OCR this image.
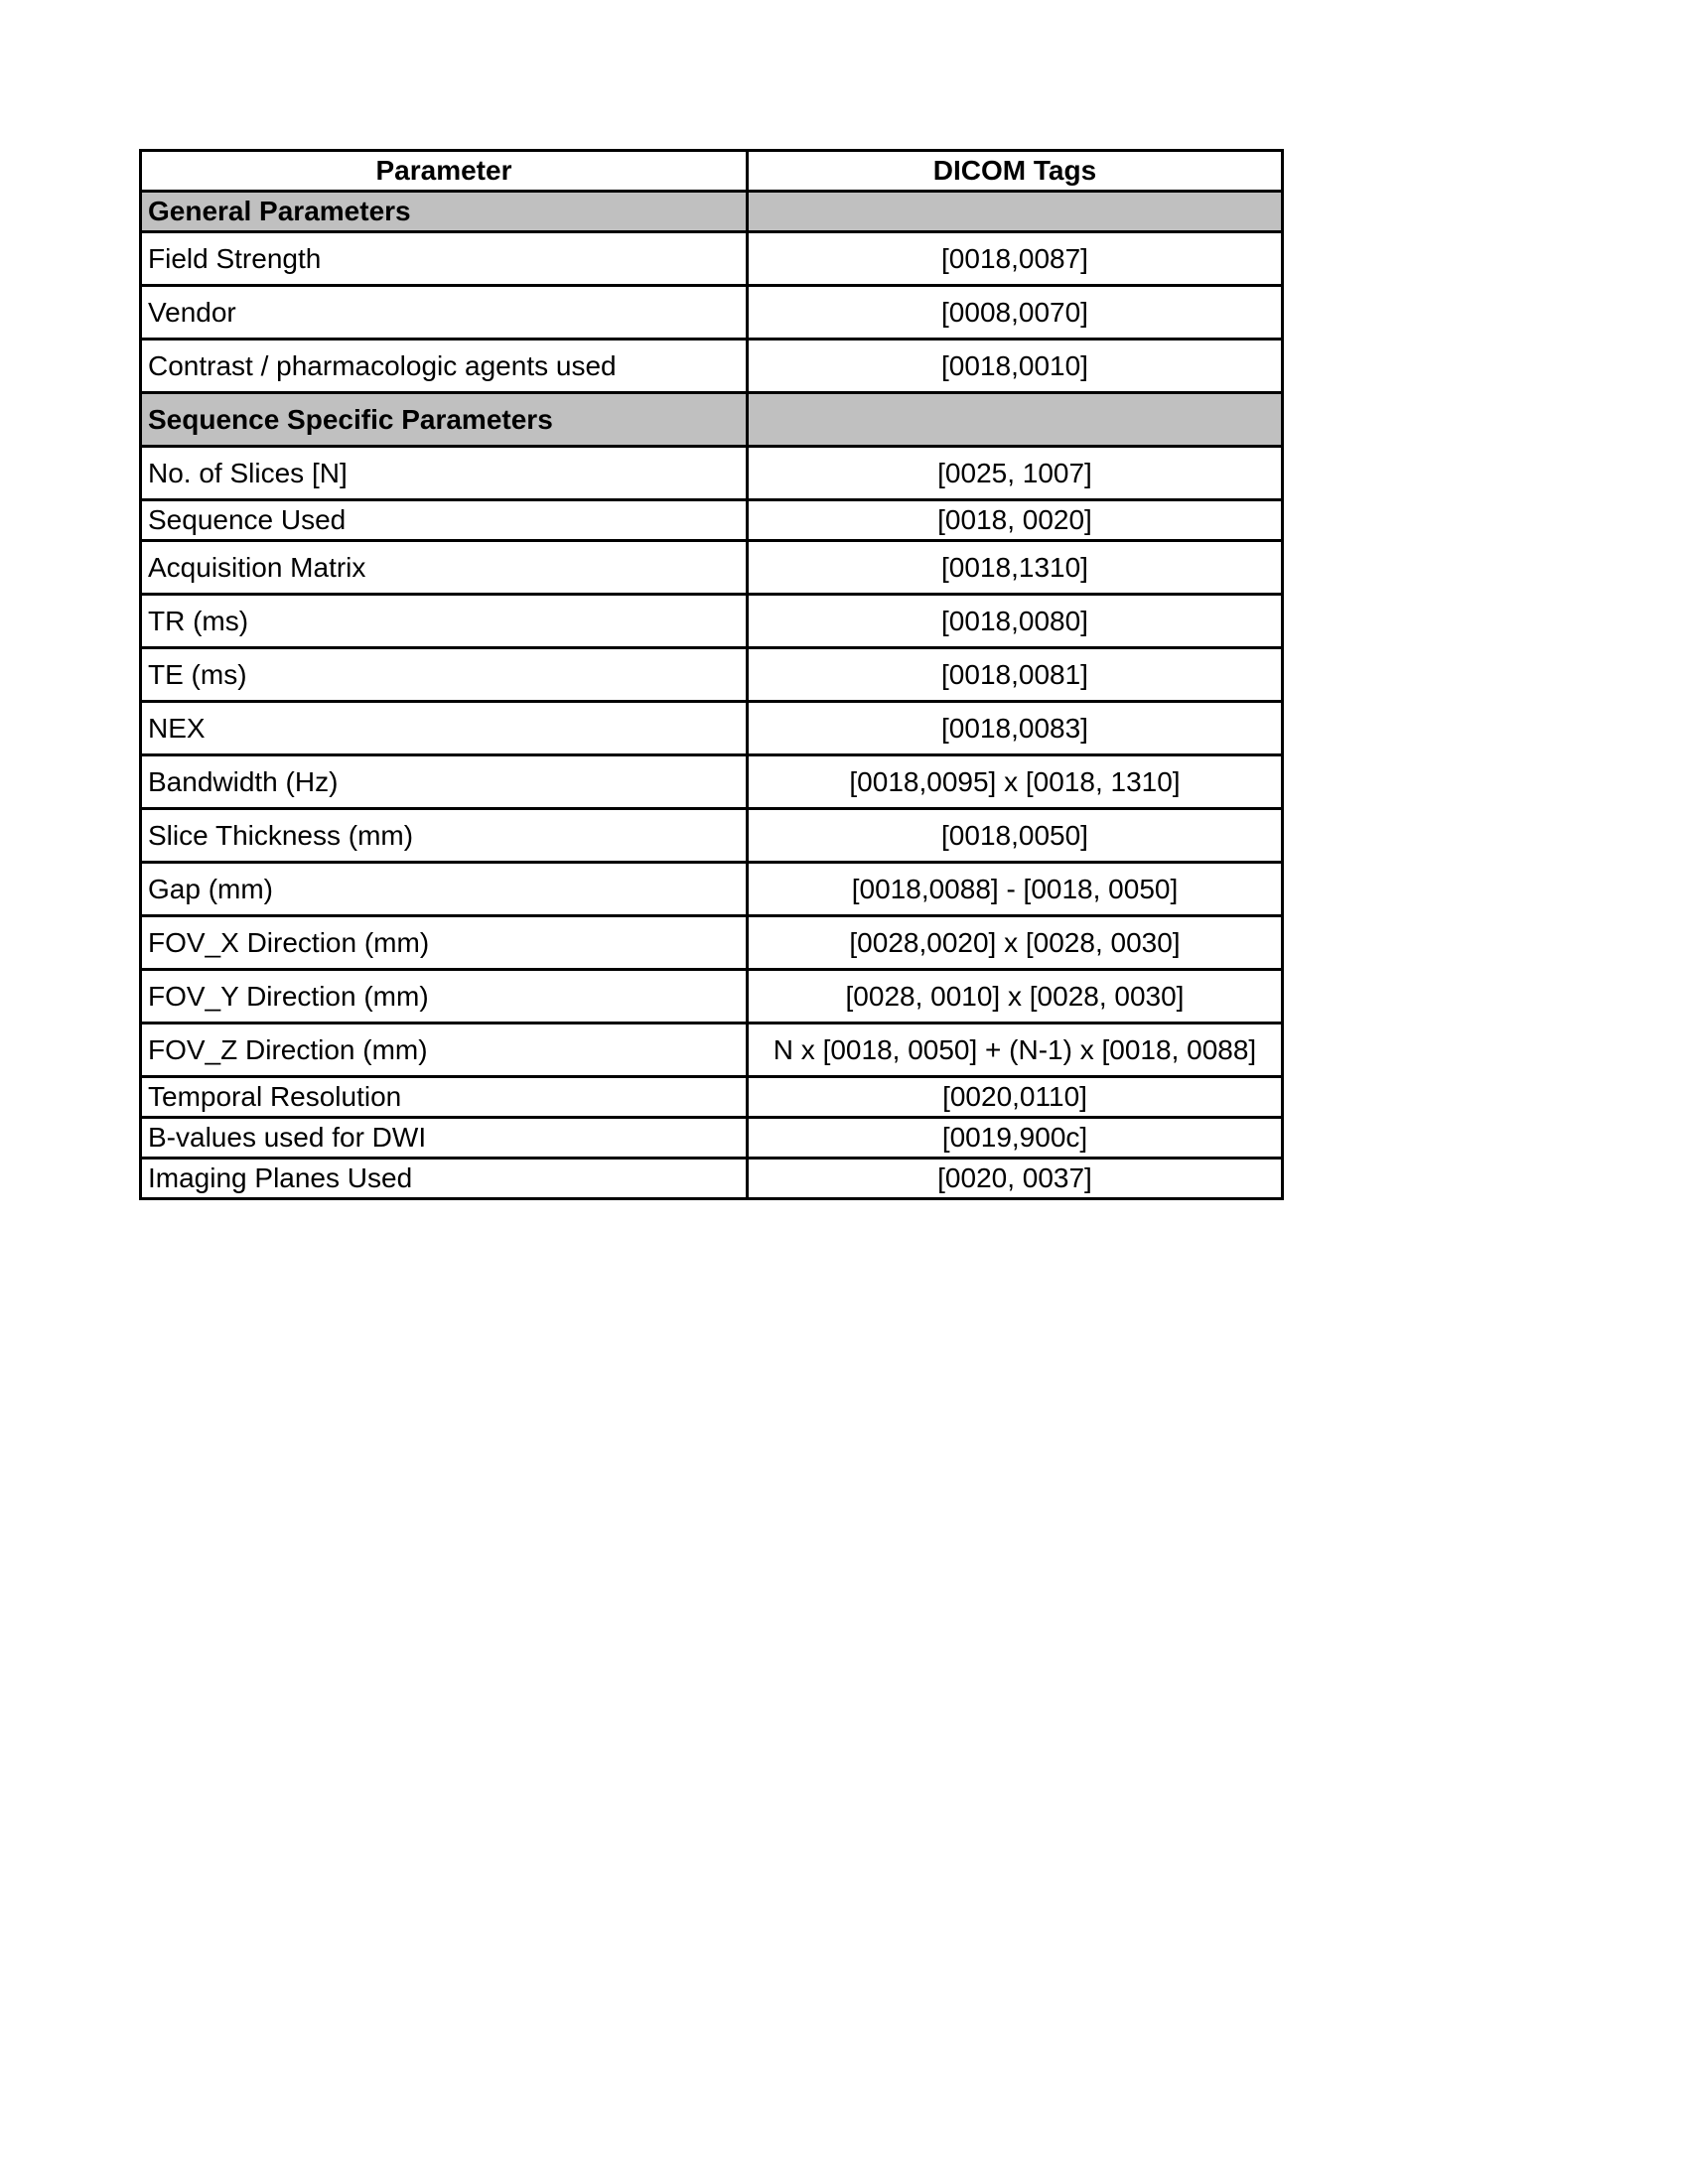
Parameter	DICOM Tags
General Parameters	
Field Strength	[0018,0087]
Vendor	[0008,0070]
Contrast / pharmacologic agents used	[0018,0010]
Sequence Specific Parameters	
No. of Slices [N]	[0025, 1007]
Sequence Used	[0018, 0020]
Acquisition Matrix	[0018,1310]
TR (ms)	[0018,0080]
TE (ms)	[0018,0081]
NEX	[0018,0083]
Bandwidth (Hz)	[0018,0095] x [0018, 1310]
Slice Thickness (mm)	[0018,0050]
Gap (mm)	[0018,0088] - [0018, 0050]
FOV_X Direction (mm)	[0028,0020] x [0028, 0030]
FOV_Y Direction (mm)	[0028, 0010] x [0028, 0030]
FOV_Z Direction (mm)	N x [0018, 0050] + (N-1) x [0018, 0088]
Temporal Resolution	[0020,0110]
B-values used for DWI	[0019,900c]
Imaging Planes Used	[0020, 0037]
